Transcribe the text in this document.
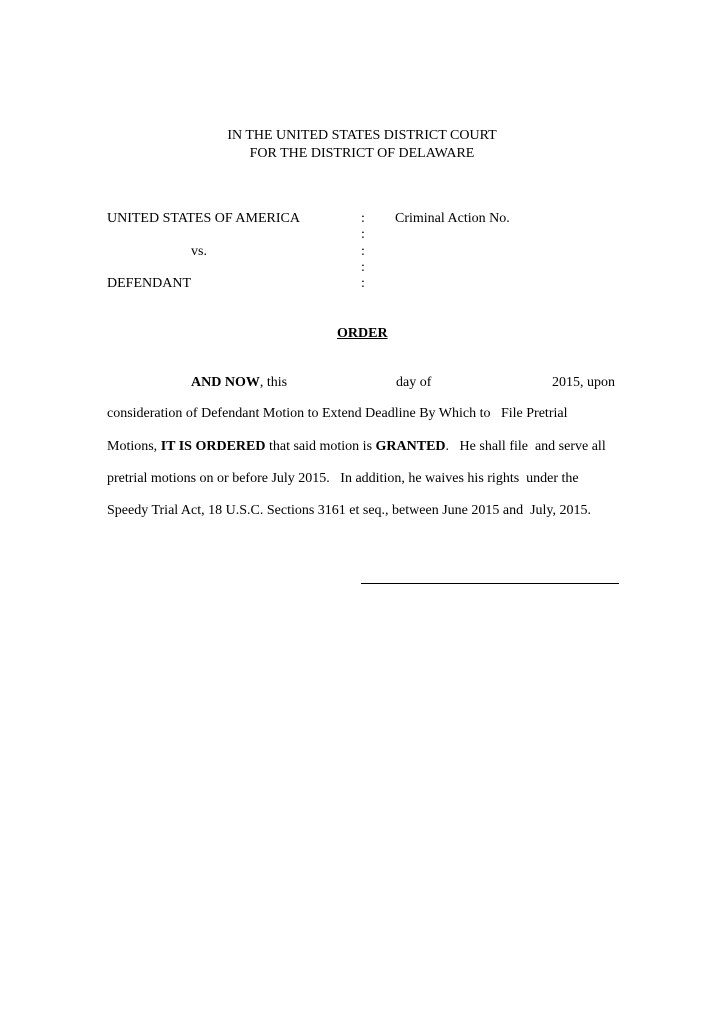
IN THE UNITED STATES DISTRICT COURT
FOR THE DISTRICT OF DELAWARE
UNITED STATES OF AMERICA
vs.
DEFENDANT
:
:
:
:
:
Criminal Action No.
ORDER
AND NOW, this	day of	2015, upon
consideration of Defendant Motion to Extend Deadline By Which to   File Pretrial
Motions, IT IS ORDERED that said motion is GRANTED.   He shall file  and serve all
pretrial motions on or before July 2015.   In addition, he waives his rights  under the
Speedy Trial Act, 18 U.S.C. Sections 3161 et seq., between June 2015 and  July, 2015.
